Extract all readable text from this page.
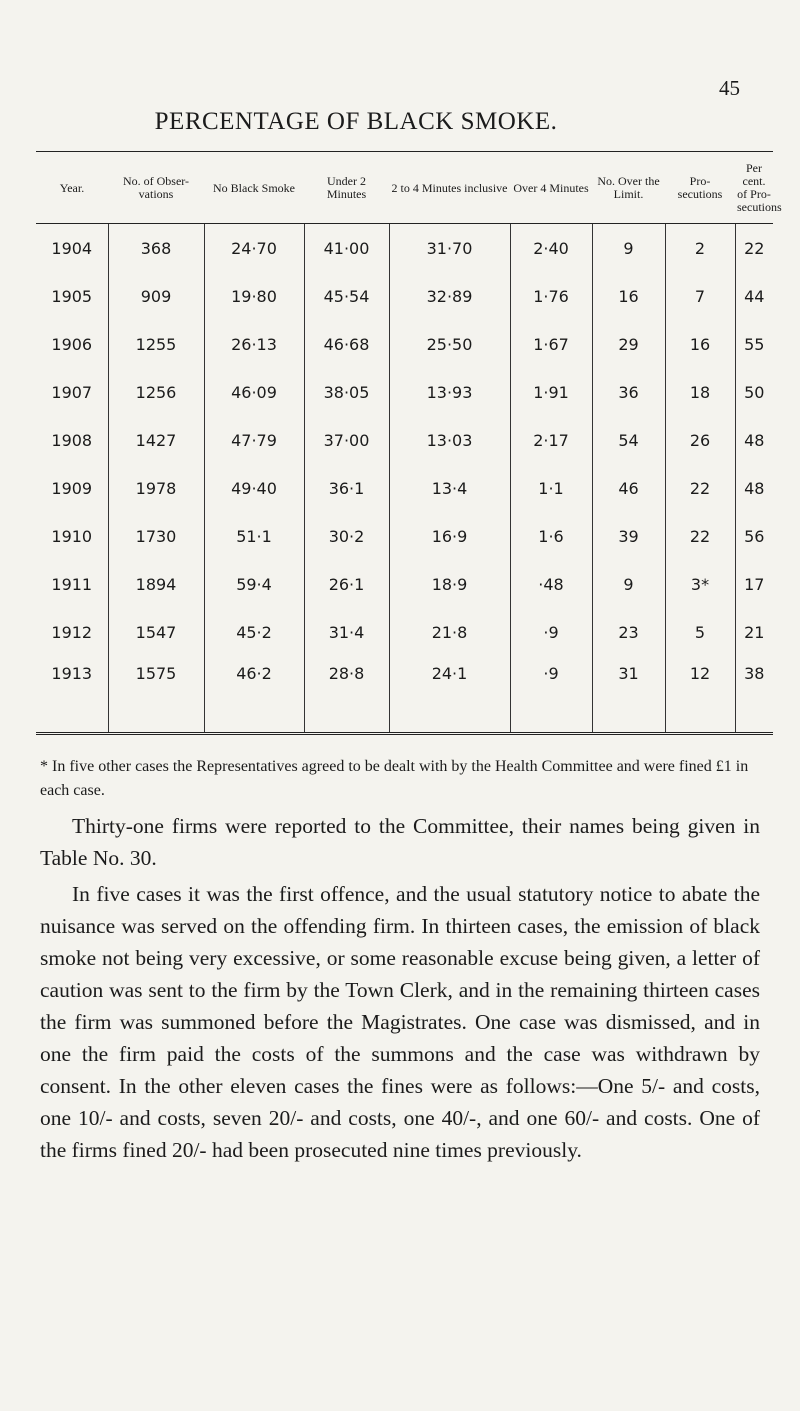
45
PERCENTAGE OF BLACK SMOKE.
Year.	No. of Obser- vations	No Black Smoke	Under 2 Minutes	2 to 4 Minutes inclusive	Over 4 Minutes	No. Over the Limit.	Pro- secutions	Per cent. of Pro- secutions
1904	368	24·70	41·00	31·70	2·40	9	2	22
1905	909	19·80	45·54	32·89	1·76	16	7	44
1906	1255	26·13	46·68	25·50	1·67	29	16	55
1907	1256	46·09	38·05	13·93	1·91	36	18	50
1908	1427	47·79	37·00	13·03	2·17	54	26	48
1909	1978	49·40	36·1	13·4	1·1	46	22	48
1910	1730	51·1	30·2	16·9	1·6	39	22	56
1911	1894	59·4	26·1	18·9	·48	9	3*	17
1912	1547	45·2	31·4	21·8	·9	23	5	21
1913	1575	46·2	28·8	24·1	·9	31	12	38
* In five other cases the Representatives agreed to be dealt with by the Health Committee and were fined £1 in each case.
Thirty-one firms were reported to the Committee, their names being given in Table No. 30.
In five cases it was the first offence, and the usual statutory notice to abate the nuisance was served on the offending firm. In thirteen cases, the emission of black smoke not being very excessive, or some reasonable excuse being given, a letter of caution was sent to the firm by the Town Clerk, and in the remaining thirteen cases the firm was summoned before the Magistrates. One case was dismissed, and in one the firm paid the costs of the summons and the case was withdrawn by consent. In the other eleven cases the fines were as follows:—One 5/- and costs, one 10/- and costs, seven 20/- and costs, one 40/-, and one 60/- and costs. One of the firms fined 20/- had been prosecuted nine times previously.
